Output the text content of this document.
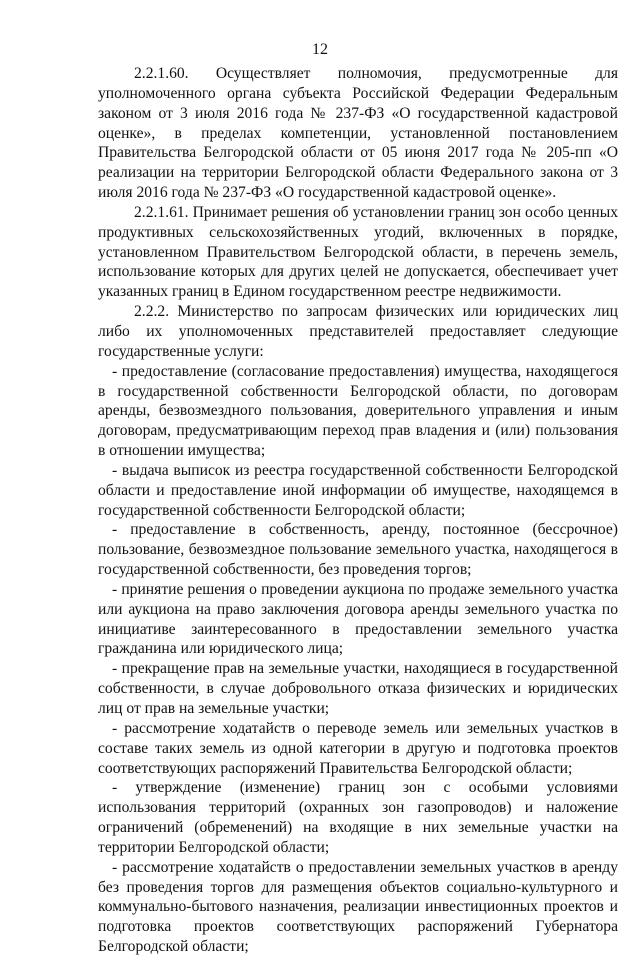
12

2.2.1.60. Осуществляет полномочия, предусмотренные для уполномоченного органа субъекта Российской Федерации Федеральным законом от 3 июля 2016 года № 237-ФЗ «О государственной кадастровой оценке», в пределах компетенции, установленной постановлением Правительства Белгородской области от 05 июня 2017 года № 205-пп «О реализации на территории Белгородской области Федерального закона от 3 июля 2016 года № 237-ФЗ «О государственной кадастровой оценке».

2.2.1.61. Принимает решения об установлении границ зон особо ценных продуктивных сельскохозяйственных угодий, включенных в порядке, установленном Правительством Белгородской области, в перечень земель, использование которых для других целей не допускается, обеспечивает учет указанных границ в Едином государственном реестре недвижимости.

2.2.2. Министерство по запросам физических или юридических лиц либо их уполномоченных представителей предоставляет следующие государственные услуги:

- предоставление (согласование предоставления) имущества, находящегося в государственной собственности Белгородской области, по договорам аренды, безвозмездного пользования, доверительного управления и иным договорам, предусматривающим переход прав владения и (или) пользования в отношении имущества;

- выдача выписок из реестра государственной собственности Белгородской области и предоставление иной информации об имуществе, находящемся в государственной собственности Белгородской области;

- предоставление в собственность, аренду, постоянное (бессрочное) пользование, безвозмездное пользование земельного участка, находящегося в государственной собственности, без проведения торгов;

- принятие решения о проведении аукциона по продаже земельного участка или аукциона на право заключения договора аренды земельного участка по инициативе заинтересованного в предоставлении земельного участка гражданина или юридического лица;

- прекращение прав на земельные участки, находящиеся в государственной собственности, в случае добровольного отказа физических и юридических лиц от прав на земельные участки;

- рассмотрение ходатайств о переводе земель или земельных участков в составе таких земель из одной категории в другую и подготовка проектов соответствующих распоряжений Правительства Белгородской области;

- утверждение (изменение) границ зон с особыми условиями использования территорий (охранных зон газопроводов) и наложение ограничений (обременений) на входящие в них земельные участки на территории Белгородской области;

- рассмотрение ходатайств о предоставлении земельных участков в аренду без проведения торгов для размещения объектов социально-культурного и коммунально-бытового назначения, реализации инвестиционных проектов и подготовка проектов соответствующих распоряжений Губернатора Белгородской области;
